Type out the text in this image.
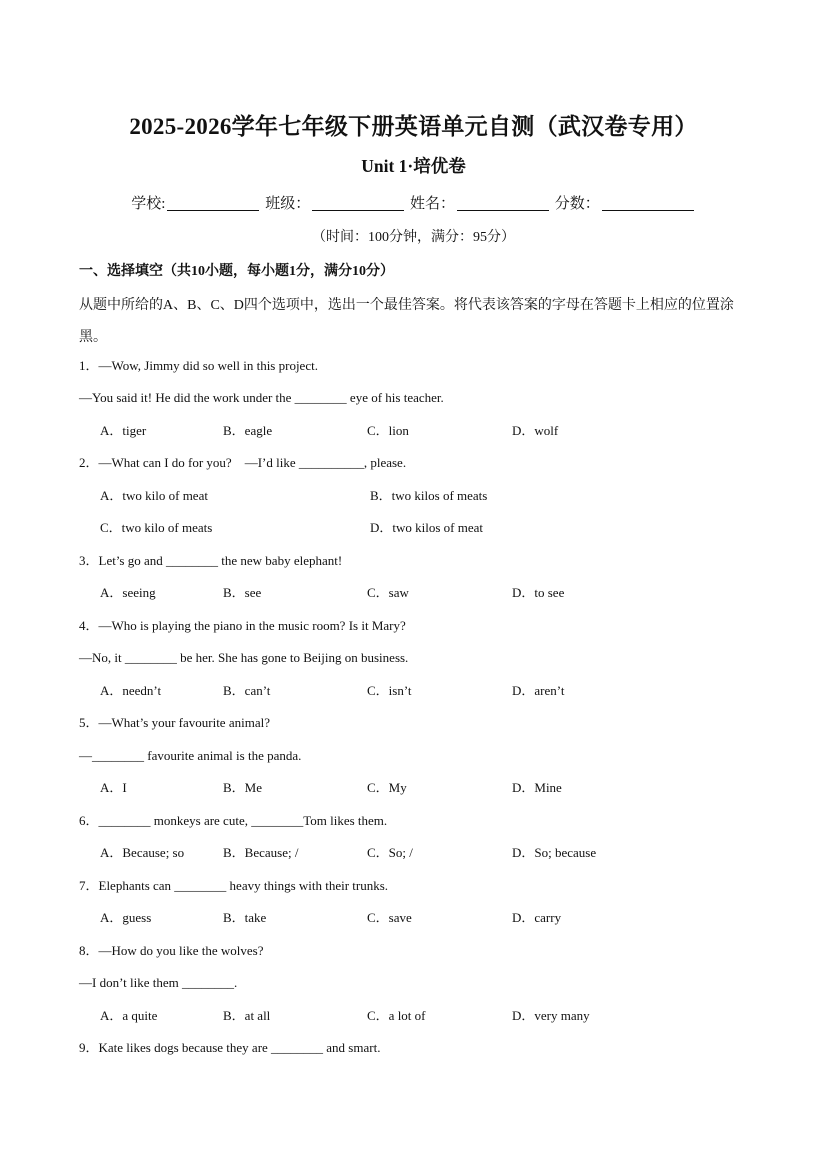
2025-2026学年七年级下册英语单元自测（武汉卷专用）
Unit 1·培优卷
学校:	班级：	姓名：	分数：
（时间：100分钟，满分：95分）
一、选择填空（共10小题，每小题1分，满分10分）
从题中所给的A、B、C、D四个选项中，选出一个最佳答案。将代表该答案的字母在答题卡上相应的位置涂黑。
1．—Wow, Jimmy did so well in this project.
—You said it! He did the work under the ________ eye of his teacher.
A．tiger	B．eagle	C．lion	D．wolf
2．—What can I do for you?　—I’d like __________, please.
A．two kilo of meat	B．two kilos of meats
C．two kilo of meats	D．two kilos of meat
3．Let’s go and ________ the new baby elephant!
A．seeing	B．see	C．saw	D．to see
4．—Who is playing the piano in the music room? Is it Mary?
—No, it ________ be her. She has gone to Beijing on business.
A．needn’t	B．can’t	C．isn’t	D．aren’t
5．—What’s your favourite animal?
—________ favourite animal is the panda.
A．I	B．Me	C．My	D．Mine
6．________ monkeys are cute, ________Tom likes them.
A．Because; so	B．Because; /	C．So; /	D．So; because
7．Elephants can ________ heavy things with their trunks.
A．guess	B．take	C．save	D．carry
8．—How do you like the wolves?
—I don’t like them ________.
A．a quite	B．at all	C．a lot of	D．very many
9．Kate likes dogs because they are ________ and smart.
